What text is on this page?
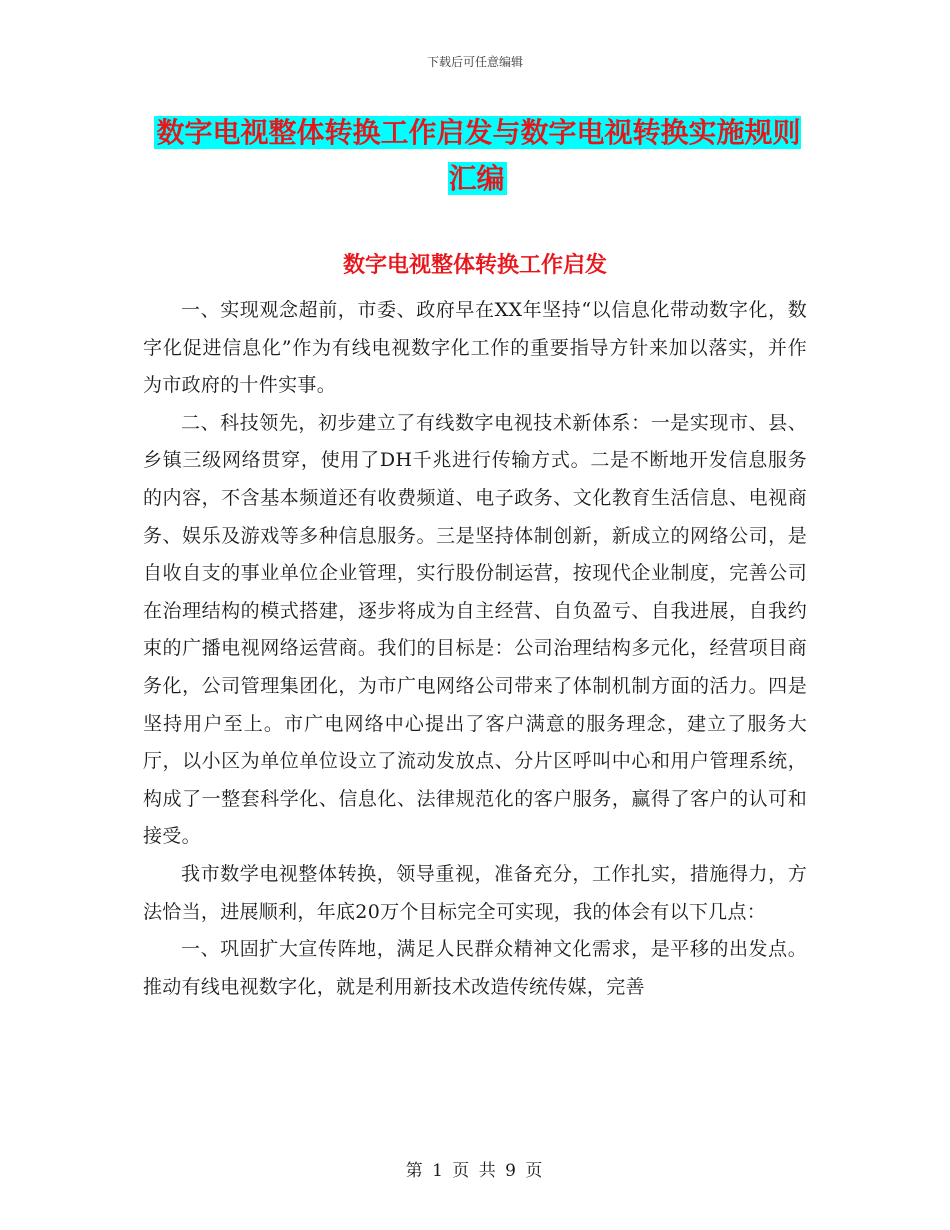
下载后可任意编辑
数字电视整体转换工作启发与数字电视转换实施规则汇编
数字电视整体转换工作启发

一、实现观念超前，市委、政府早在XX年坚持“以信息化带动数字化，数字化促进信息化”作为有线电视数字化工作的重要指导方针来加以落实，并作为市政府的十件实事。

二、科技领先，初步建立了有线数字电视技术新体系：一是实现市、县、乡镇三级网络贯穿，使用了DH千兆进行传输方式。二是不断地开发信息服务的内容，不含基本频道还有收费频道、电子政务、文化教育生活信息、电视商务、娱乐及游戏等多种信息服务。三是坚持体制创新，新成立的网络公司，是自收自支的事业单位企业管理，实行股份制运营，按现代企业制度，完善公司在治理结构的模式搭建，逐步将成为自主经营、自负盈亏、自我进展，自我约束的广播电视网络运营商。我们的目标是：公司治理结构多元化，经营项目商务化，公司管理集团化，为市广电网络公司带来了体制机制方面的活力。四是坚持用户至上。市广电网络中心提出了客户满意的服务理念，建立了服务大厅，以小区为单位单位设立了流动发放点、分片区呼叫中心和用户管理系统，构成了一整套科学化、信息化、法律规范化的客户服务，赢得了客户的认可和接受。

我市数学电视整体转换，领导重视，准备充分，工作扎实，措施得力，方法恰当，进展顺利，年底20万个目标完全可实现，我的体会有以下几点：

一、巩固扩大宣传阵地，满足人民群众精神文化需求，是平移的出发点。推动有线电视数字化，就是利用新技术改造传统传媒，完善

第 1 页 共 9 页
